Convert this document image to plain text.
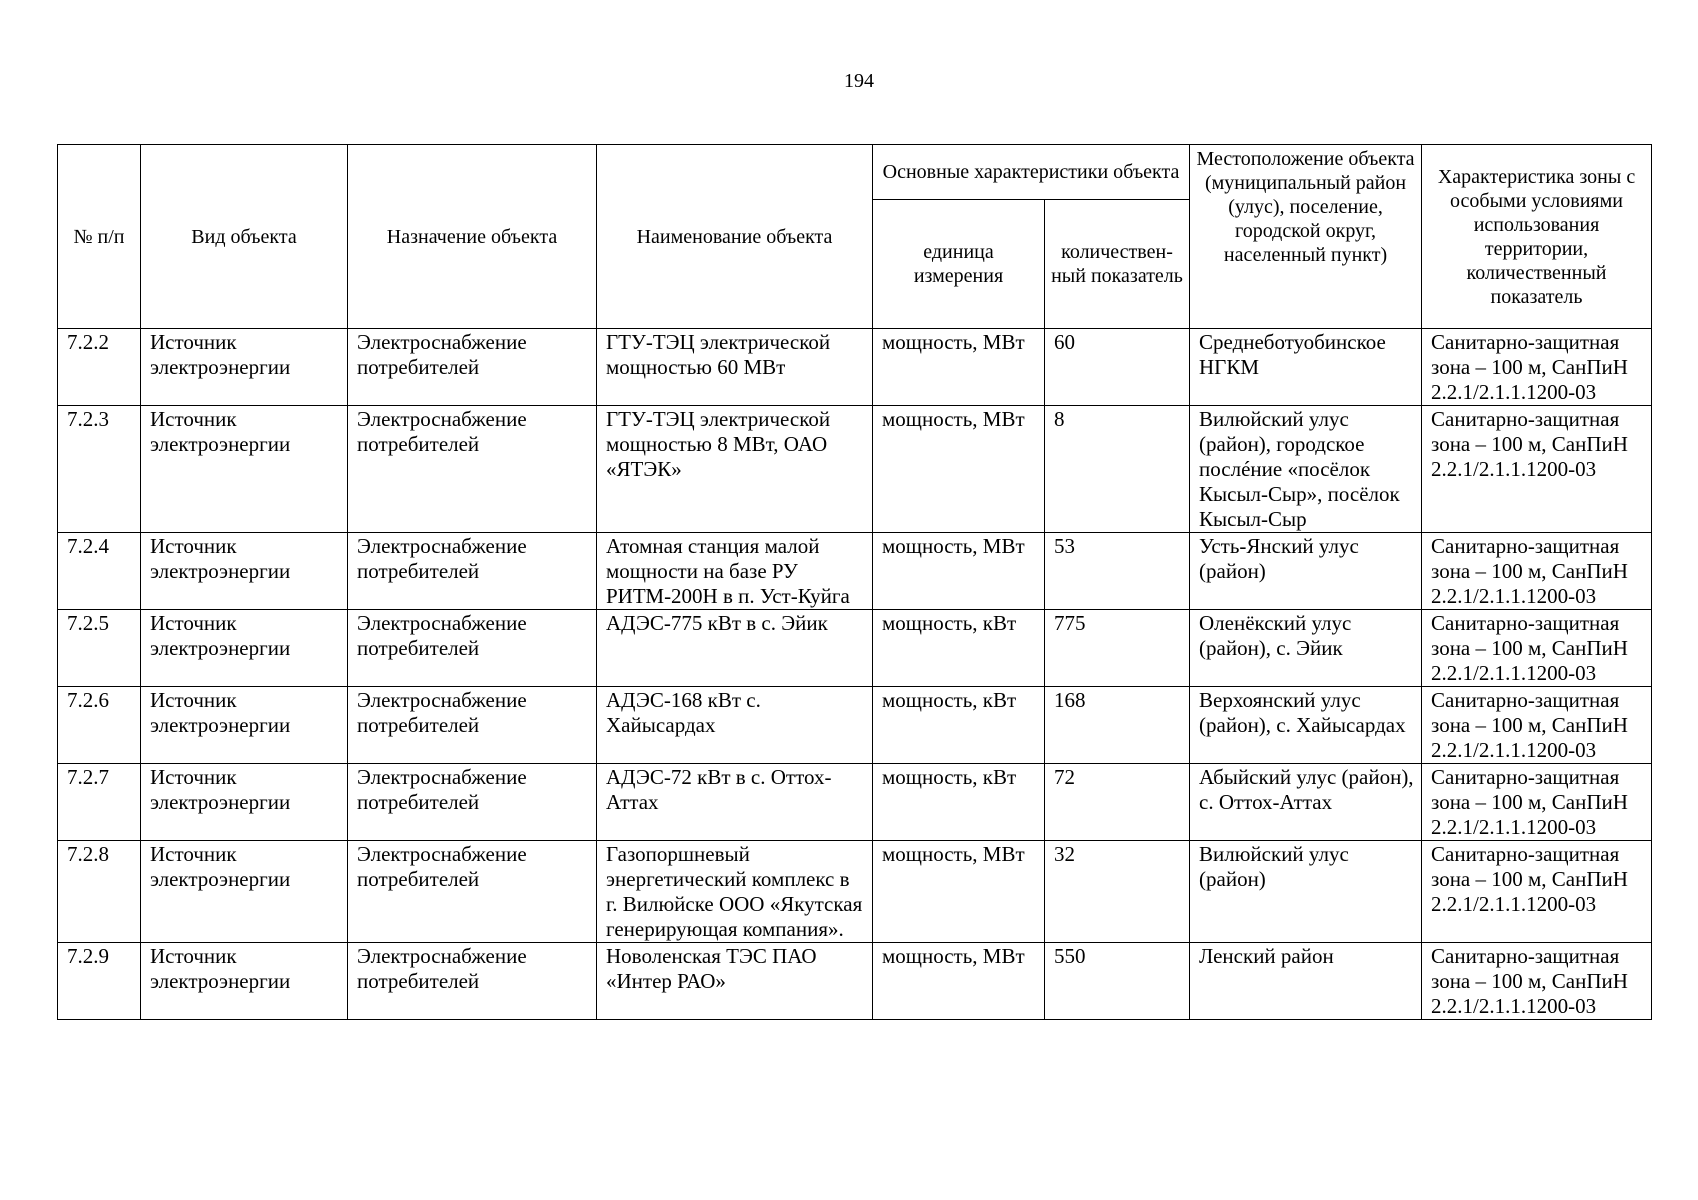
194
№ п/п	Вид объекта	Назначение объекта	Наименование объекта	Основные характеристики объекта		Местоположение объекта (муниципальный район (улус), поселение, городской округ, населенный пункт)	Характеристика зоны с особыми условиями использования территории, количественный показатель
				единица измерения	количествен-ный показатель		
7.2.2	Источник электроэнергии	Электроснабжение потребителей	ГТУ-ТЭЦ электрической мощностью 60 МВт	мощность, МВт	60	Среднеботуобинское НГКМ	Санитарно-защитная зона – 100 м, СанПиН 2.2.1/2.1.1.1200-03
7.2.3	Источник электроэнергии	Электроснабжение потребителей	ГТУ-ТЭЦ электрической мощностью 8 МВт, ОАО «ЯТЭК»	мощность, МВт	8	Вилюйский улус (район), городское послéние «посёлок Кысыл-Сыр», посёлок Кысыл-Сыр	Санитарно-защитная зона – 100 м, СанПиН 2.2.1/2.1.1.1200-03
7.2.4	Источник электроэнергии	Электроснабжение потребителей	Атомная станция малой мощности на базе РУ РИТМ-200Н в п. Уст-Куйга	мощность, МВт	53	Усть-Янский улус (район)	Санитарно-защитная зона – 100 м, СанПиН 2.2.1/2.1.1.1200-03
7.2.5	Источник электроэнергии	Электроснабжение потребителей	АДЭС-775 кВт в с. Эйик	мощность, кВт	775	Оленёкский улус (район), с. Эйик	Санитарно-защитная зона – 100 м, СанПиН 2.2.1/2.1.1.1200-03
7.2.6	Источник электроэнергии	Электроснабжение потребителей	АДЭС-168 кВт с. Хайысардах	мощность, кВт	168	Верхоянский улус (район), с. Хайысардах	Санитарно-защитная зона – 100 м, СанПиН 2.2.1/2.1.1.1200-03
7.2.7	Источник электроэнергии	Электроснабжение потребителей	АДЭС-72 кВт в с. Оттох-Аттах	мощность, кВт	72	Абыйский улус (район), с. Оттох-Аттах	Санитарно-защитная зона – 100 м, СанПиН 2.2.1/2.1.1.1200-03
7.2.8	Источник электроэнергии	Электроснабжение потребителей	Газопоршневый энергетический комплекс в г. Вилюйске ООО «Якутская генерирующая компания».	мощность, МВт	32	Вилюйский улус (район)	Санитарно-защитная зона – 100 м, СанПиН 2.2.1/2.1.1.1200-03
7.2.9	Источник электроэнергии	Электроснабжение потребителей	Новоленская ТЭС ПАО «Интер РАО»	мощность, МВт	550	Ленский район	Санитарно-защитная зона – 100 м, СанПиН 2.2.1/2.1.1.1200-03
